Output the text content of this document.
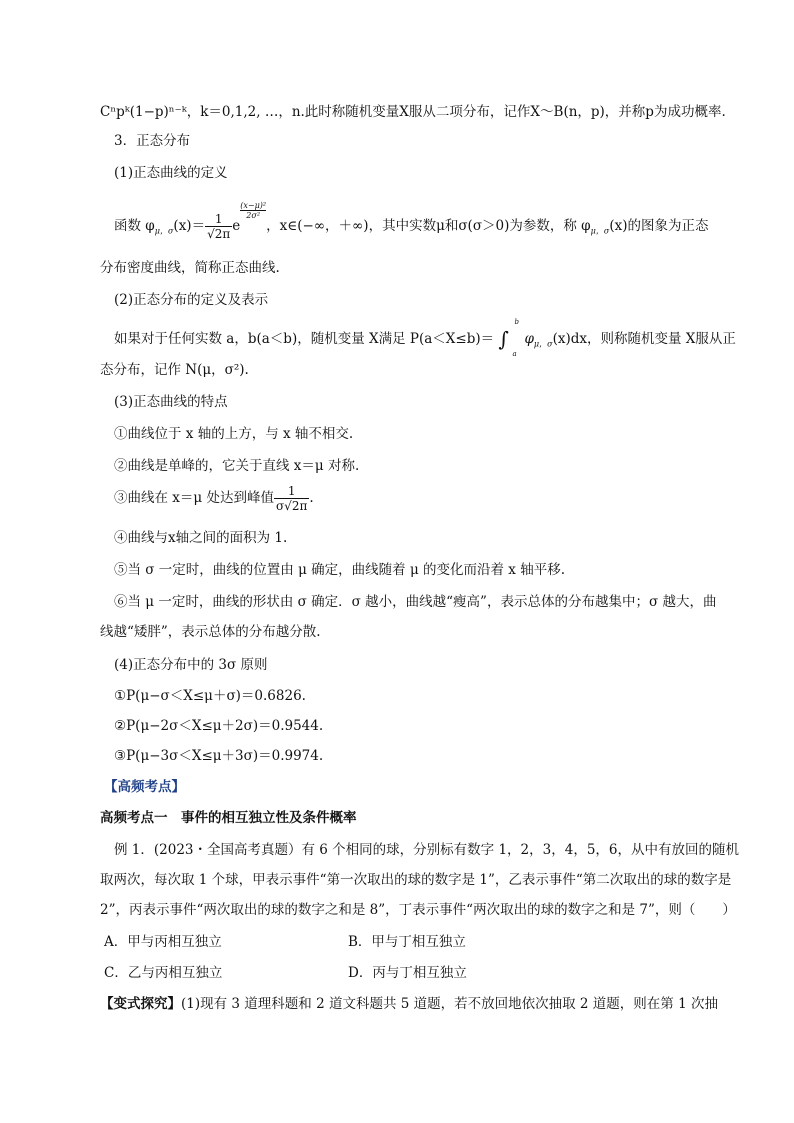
Cⁿpᵏ(1−p)ⁿ⁻ᵏ，k＝0,1,2, …，n.此时称随机变量X服从二项分布，记作X～B(n，p)，并称p为成功概率.
3．正态分布
(1)正态曲线的定义
函数 $\varphi_{\mu,\sigma}(x)= \frac{1}{√2\pi}$ e
$\frac{\text{(x−μ)²}}{\text{2σ²}}$，x∈(−∞，＋∞)，其中实数μ和σ(σ＞0)为参数，称 $\varphi_{\mu,\sigma}(x)$的图象为正态
分布密度曲线，简称正态曲线.
(2)正态分布的定义及表示
如果对于任何实数 a，b(a＜b)，随机变量 X满足 P(a＜X≤b)＝
b
∫
a
$\varphi_{\mu,\sigma}(x)dx$，则称随机变量 X服从正
态分布，记作 N(μ，σ²).
(3)正态曲线的特点
①曲线位于 x 轴的上方，与 x 轴不相交.
②曲线是单峰的，它关于直线 x＝μ 对称.
③曲线在 x＝μ 处达到峰值 $\frac{1}{\sigma√2\pi}$ .
④曲线与x轴之间的面积为 1.
⑤当 σ 一定时，曲线的位置由 μ 确定，曲线随着 μ 的变化而沿着 x 轴平移.
⑥当 μ 一定时，曲线的形状由 σ 确定．σ 越小，曲线越“瘦高”，表示总体的分布越集中；σ 越大，曲
线越“矮胖”，表示总体的分布越分散.
(4)正态分布中的 3σ 原则
①P(μ−σ＜X≤μ＋σ)＝0.6826.
②P(μ−2σ＜X≤μ＋2σ)＝0.9544.
③P(μ−3σ＜X≤μ＋3σ)＝0.9974.
【高频考点】
高频考点一　事件的相互独立性及条件概率
例 1．(2023・全国高考真题）有 6 个相同的球，分别标有数字 1，2，3，4，5，6，从中有放回的随机
取两次，每次取 1 个球，甲表示事件“第一次取出的球的数字是 1”，乙表示事件“第二次取出的球的数字是
2”，丙表示事件“两次取出的球的数字之和是 8”，丁表示事件“两次取出的球的数字之和是 7”，则（　　）
A．甲与丙相互独立	B．甲与丁相互独立
C．乙与丙相互独立	D．丙与丁相互独立
【变式探究】(1)现有 3 道理科题和 2 道文科题共 5 道题，若不放回地依次抽取 2 道题，则在第 1 次抽
